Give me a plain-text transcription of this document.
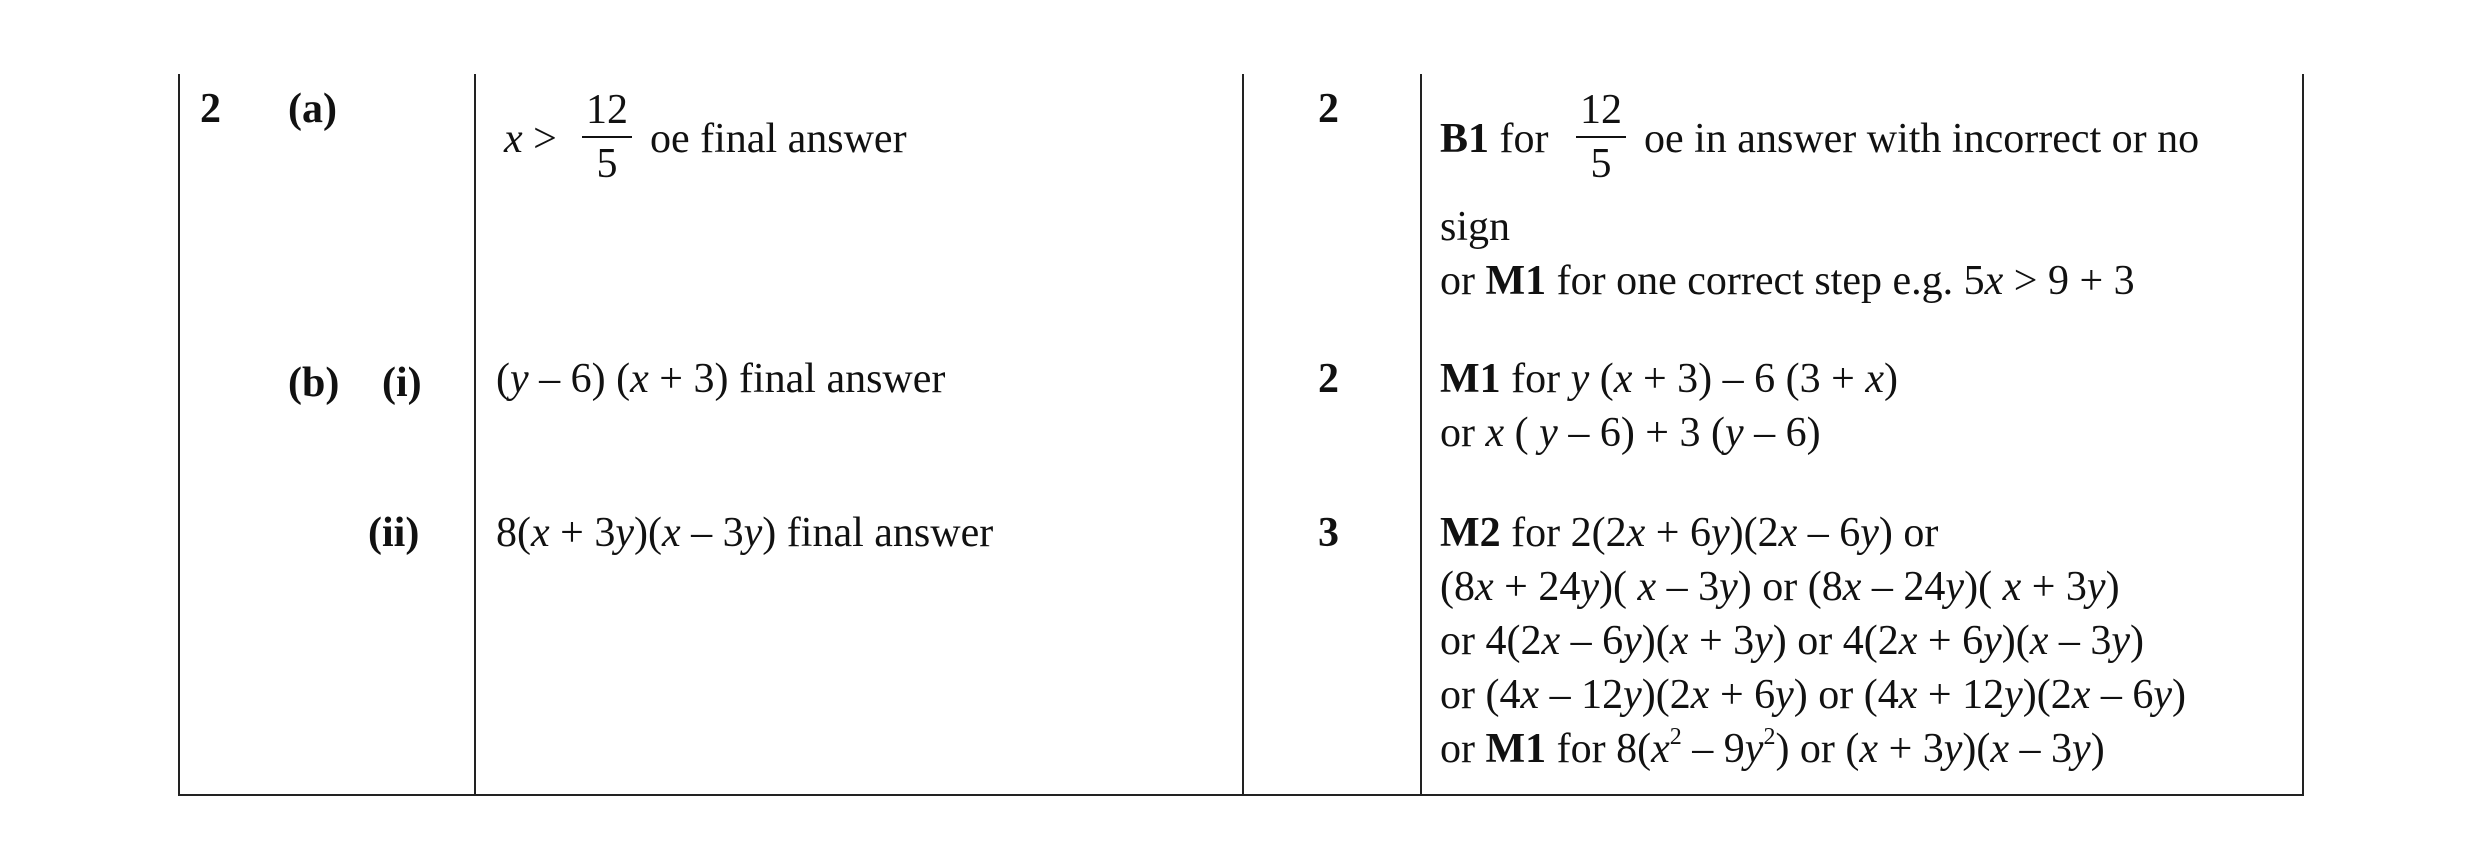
2 (a)
(b) (i)
(ii)
x >
12
5
oe final answer
2
B1 for
12
5
oe in answer with incorrect or no
sign
or M1 for one correct step e.g. 5x > 9 + 3
(y – 6) (x + 3) final answer	2 M1 for y (x + 3) – 6 (3 + x)
or x ( y – 6) + 3 (y – 6)
8(x + 3y)(x – 3y) final answer	3 M2 for 2(2x + 6y)(2x – 6y) or
(8x + 24y)( x – 3y) or (8x – 24y)( x + 3y)
or 4(2x – 6y)(x + 3y) or 4(2x + 6y)(x – 3y)
or (4x – 12y)(2x + 6y) or (4x + 12y)(2x – 6y)
or M1 for $8(x^2 - 9y^2)$ or (x + 3y)(x – 3y)
